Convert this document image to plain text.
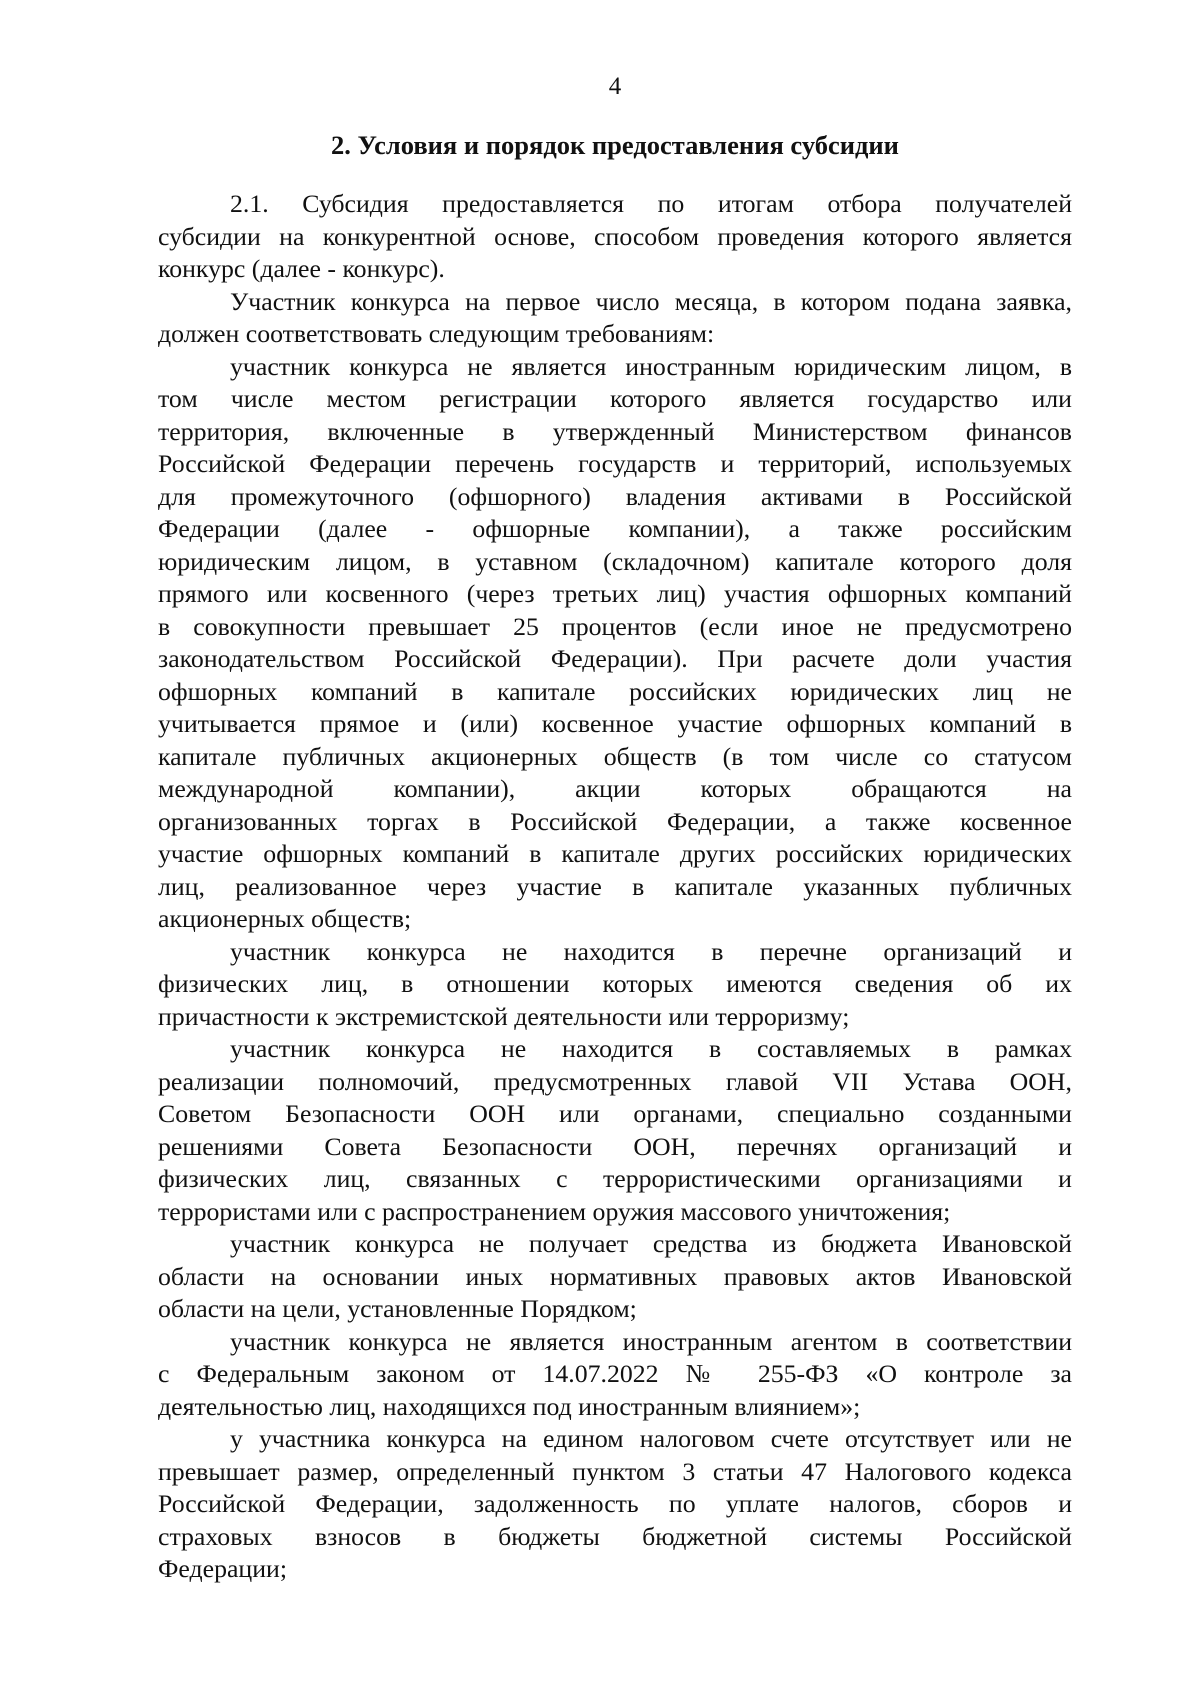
4
2. Условия и порядок предоставления субсидии
2.1. Субсидия предоставляется по итогам отбора получателей
субсидии на конкурентной основе, способом проведения которого является
конкурс (далее - конкурс).
Участник конкурса на первое число месяца, в котором подана заявка,
должен соответствовать следующим требованиям:
участник конкурса не является иностранным юридическим лицом, в
том числе местом регистрации которого является государство или
территория, включенные в утвержденный Министерством финансов
Российской Федерации перечень государств и территорий, используемых
для промежуточного (офшорного) владения активами в Российской
Федерации (далее - офшорные компании), а также российским
юридическим лицом, в уставном (складочном) капитале которого доля
прямого или косвенного (через третьих лиц) участия офшорных компаний
в совокупности превышает 25 процентов (если иное не предусмотрено
законодательством Российской Федерации). При расчете доли участия
офшорных компаний в капитале российских юридических лиц не
учитывается прямое и (или) косвенное участие офшорных компаний в
капитале публичных акционерных обществ (в том числе со статусом
международной компании), акции которых обращаются на
организованных торгах в Российской Федерации, а также косвенное
участие офшорных компаний в капитале других российских юридических
лиц, реализованное через участие в капитале указанных публичных
акционерных обществ;
участник конкурса не находится в перечне организаций и
физических лиц, в отношении которых имеются сведения об их
причастности к экстремистской деятельности или терроризму;
участник конкурса не находится в составляемых в рамках
реализации полномочий, предусмотренных главой VII Устава ООН,
Советом Безопасности ООН или органами, специально созданными
решениями Совета Безопасности ООН, перечнях организаций и
физических лиц, связанных с террористическими организациями и
террористами или с распространением оружия массового уничтожения;
участник конкурса не получает средства из бюджета Ивановской
области на основании иных нормативных правовых актов Ивановской
области на цели, установленные Порядком;
участник конкурса не является иностранным агентом в соответствии
с Федеральным законом от 14.07.2022 № 255-ФЗ «О контроле за
деятельностью лиц, находящихся под иностранным влиянием»;
у участника конкурса на едином налоговом счете отсутствует или не
превышает размер, определенный пунктом 3 статьи 47 Налогового кодекса
Российской Федерации, задолженность по уплате налогов, сборов и
страховых взносов в бюджеты бюджетной системы Российской
Федерации;
